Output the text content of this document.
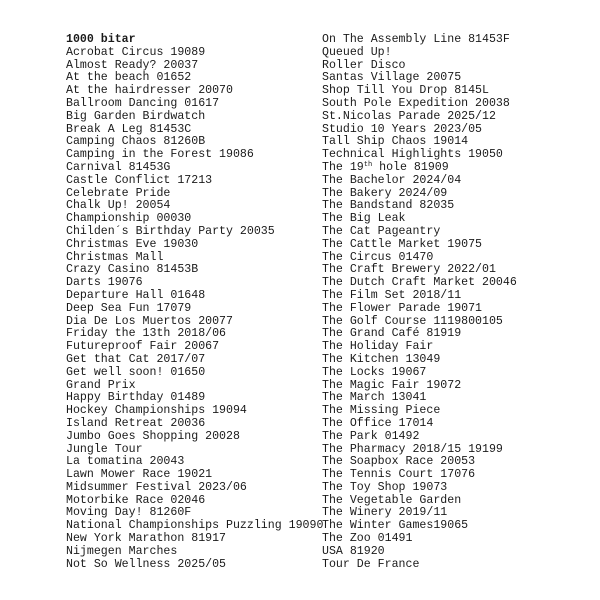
1000 bitar
Acrobat Circus 19089
Almost Ready? 20037
At the beach 01652
At the hairdresser 20070
Ballroom Dancing 01617
Big Garden Birdwatch
Break A Leg 81453C
Camping Chaos 81260B
Camping in the Forest 19086
Carnival 81453G
Castle Conflict 17213
Celebrate Pride
Chalk Up! 20054
Championship 00030
Childen´s Birthday Party 20035
Christmas Eve 19030
Christmas Mall
Crazy Casino 81453B
Darts 19076
Departure Hall 01648
Deep Sea Fun 17079
Dia De Los Muertos 20077
Friday the 13th 2018/06
Futureproof Fair 20067
Get that Cat 2017/07
Get well soon! 01650
Grand Prix
Happy Birthday 01489
Hockey Championships 19094
Island Retreat 20036
Jumbo Goes Shopping 20028
Jungle Tour
La tomatina 20043
Lawn Mower Race 19021
Midsummer Festival 2023/06
Motorbike Race 02046
Moving Day! 81260F
National Championships Puzzling 19090
New York Marathon 81917
Nijmegen Marches
Not So Wellness 2025/05
On The Assembly Line 81453F
Queued Up!
Roller Disco
Santas Village 20075
Shop Till You Drop 8145L
South Pole Expedition 20038
St.Nicolas Parade 2025/12
Studio 10 Years 2023/05
Tall Ship Chaos 19014
Technical Highlights 19050
The 19th hole 81909
The Bachelor 2024/04
The Bakery 2024/09
The Bandstand 82035
The Big Leak
The Cat Pageantry
The Cattle Market 19075
The Circus 01470
The Craft Brewery 2022/01
The Dutch Craft Market 20046
The Film Set 2018/11
The Flower Parade 19071
The Golf Course 1119800105
The Grand Café 81919
The Holiday Fair
The Kitchen 13049
The Locks 19067
The Magic Fair 19072
The March 13041
The Missing Piece
The Office 17014
The Park 01492
The Pharmacy 2018/15 19199
The Soapbox Race 20053
The Tennis Court 17076
The Toy Shop 19073
The Vegetable Garden
The Winery 2019/11
The Winter Games19065
The Zoo 01491
USA 81920
Tour De France
